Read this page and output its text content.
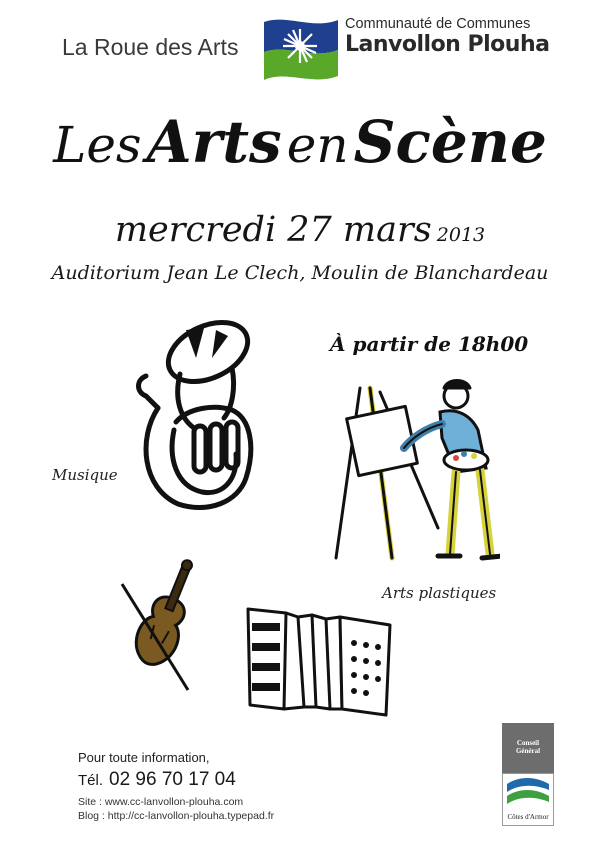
La Roue des Arts
Communauté de Communes
Lanvollon Plouha
Les Arts en Scène
mercredi 27 mars 2013
Auditorium Jean Le Clech, Moulin de Blanchardeau
À partir de 18h00
Musique
Arts plastiques
Pour toute information,
Tél. 02 96 70 17 04
Site : www.cc-lanvollon-plouha.com
Blog : http://cc-lanvollon-plouha.typepad.fr
Conseil
Général
Côtes d'Armor
